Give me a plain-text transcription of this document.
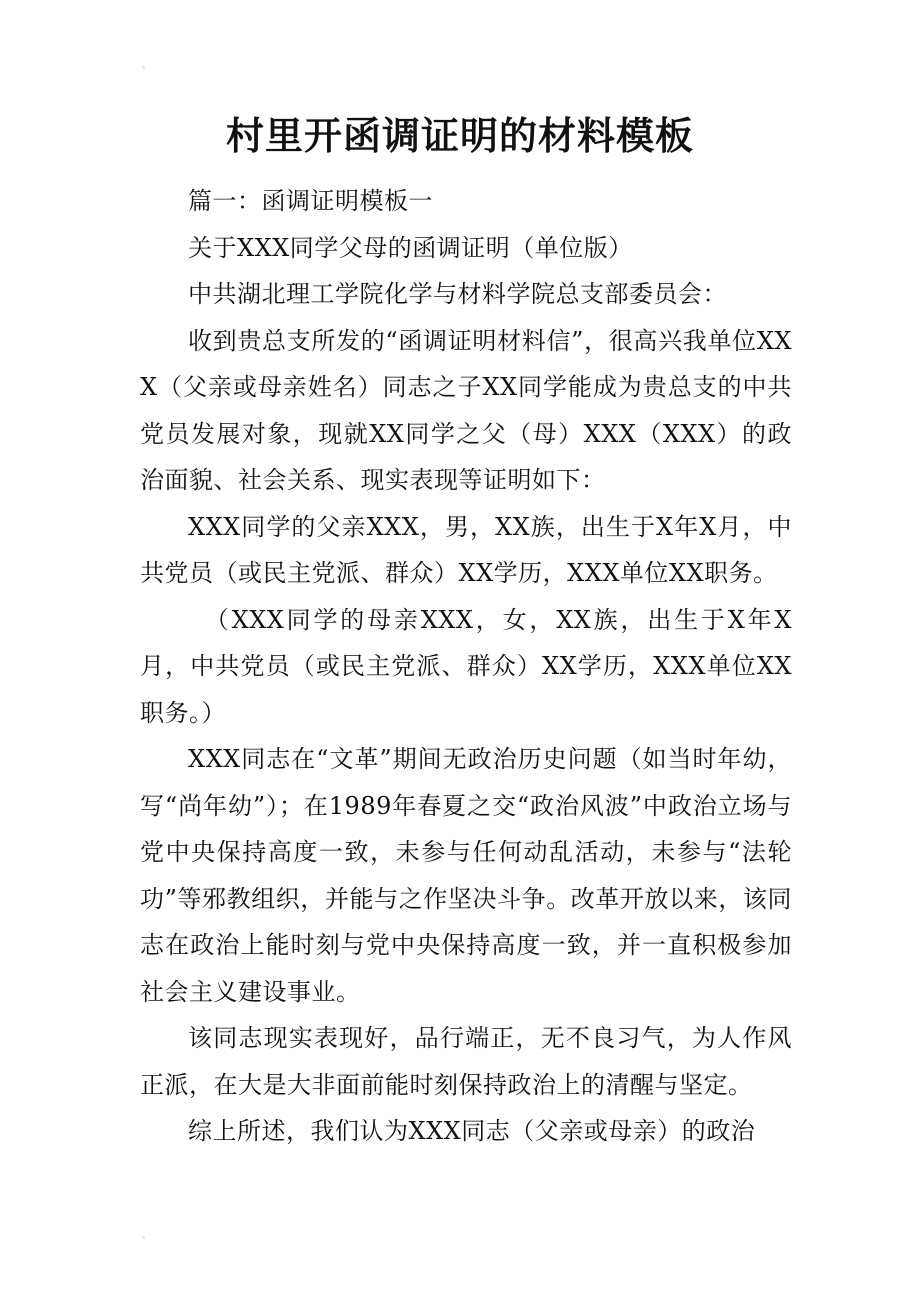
村里开函调证明的材料模板

篇一：函调证明模板一

关于XXX同学父母的函调证明（单位版）

中共湖北理工学院化学与材料学院总支部委员会：

收到贵总支所发的“函调证明材料信”，很高兴我单位XXX（父亲或母亲姓名）同志之子XX同学能成为贵总支的中共党员发展对象，现就XX同学之父（母）XXX（XXX）的政治面貌、社会关系、现实表现等证明如下：

XXX同学的父亲XXX，男，XX族，出生于X年X月，中共党员（或民主党派、群众）XX学历，XXX单位XX职务。

（XXX同学的母亲XXX，女，XX族，出生于X年X月，中共党员（或民主党派、群众）XX学历，XXX单位XX职务。）

XXX同志在“文革”期间无政治历史问题（如当时年幼，写“尚年幼”）；在1989年春夏之交“政治风波”中政治立场与党中央保持高度一致，未参与任何动乱活动，未参与“法轮功”等邪教组织，并能与之作坚决斗争。改革开放以来，该同志在政治上能时刻与党中央保持高度一致，并一直积极参加社会主义建设事业。

该同志现实表现好，品行端正，无不良习气，为人作风正派，在大是大非面前能时刻保持政治上的清醒与坚定。

综上所述，我们认为XXX同志（父亲或母亲）的政治
